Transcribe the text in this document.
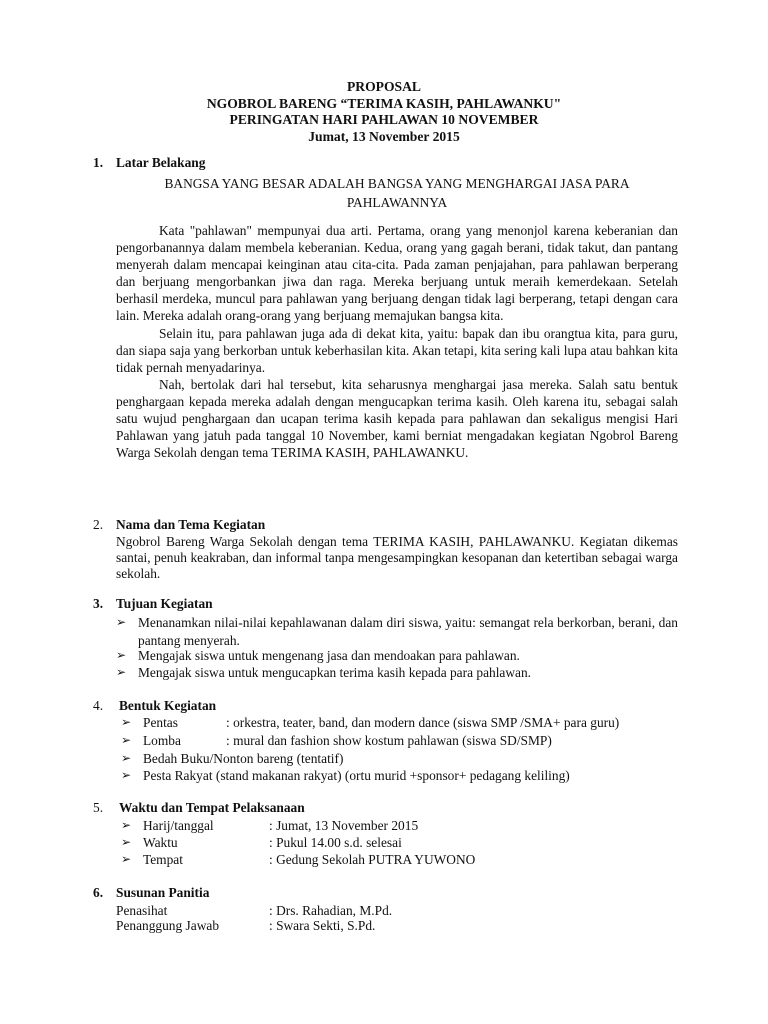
PROPOSAL
NGOBROL BARENG “TERIMA KASIH, PAHLAWANKU"
PERINGATAN HARI PAHLAWAN 10 NOVEMBER
Jumat, 13 November 2015
1. Latar Belakang
BANGSA YANG BESAR ADALAH BANGSA YANG MENGHARGAI JASA PARA
PAHLAWANNYA

Kata "pahlawan" mempunyai dua arti. Pertama, orang yang menonjol karena keberanian dan pengorbanannya dalam membela keberanian. Kedua, orang yang gagah berani, tidak takut, dan pantang menyerah dalam mencapai keinginan atau cita-cita. Pada zaman penjajahan, para pahlawan berperang dan berjuang mengorbankan jiwa dan raga. Mereka berjuang untuk meraih kemerdekaan. Setelah berhasil merdeka, muncul para pahlawan yang berjuang dengan tidak lagi berperang, tetapi dengan cara lain. Mereka adalah orang-orang yang berjuang memajukan bangsa kita.

Selain itu, para pahlawan juga ada di dekat kita, yaitu: bapak dan ibu orangtua kita, para guru, dan siapa saja yang berkorban untuk keberhasilan kita. Akan tetapi, kita sering kali lupa atau bahkan kita tidak pernah menyadarinya.

Nah, bertolak dari hal tersebut, kita seharusnya menghargai jasa mereka. Salah satu bentuk penghargaan kepada mereka adalah dengan mengucapkan terima kasih. Oleh karena itu, sebagai salah satu wujud penghargaan dan ucapan terima kasih kepada para pahlawan dan sekaligus mengisi Hari Pahlawan yang jatuh pada tanggal 10 November, kami berniat mengadakan kegiatan Ngobrol Bareng Warga Sekolah dengan tema TERIMA KASIH, PAHLAWANKU.

2. Nama dan Tema Kegiatan
Ngobrol Bareng Warga Sekolah dengan tema TERIMA KASIH, PAHLAWANKU. Kegiatan dikemas santai, penuh keakraban, dan informal tanpa mengesampingkan kesopanan dan ketertiban sebagai warga sekolah.
3. Tujuan Kegiatan
➢ Menanamkan nilai-nilai kepahlawanan dalam diri siswa, yaitu: semangat rela berkorban, berani, dan pantang menyerah.
➢ Mengajak siswa untuk mengenang jasa dan mendoakan para pahlawan.
➢ Mengajak siswa untuk mengucapkan terima kasih kepada para pahlawan.
4. Bentuk Kegiatan
➢ Pentas	: orkestra, teater, band, dan modern dance (siswa SMP /SMA+ para guru)
➢ Lomba	: mural dan fashion show kostum pahlawan (siswa SD/SMP)
➢ Bedah Buku/Nonton bareng (tentatif)
➢ Pesta Rakyat (stand makanan rakyat) (ortu murid +sponsor+ pedagang keliling)
5. Waktu dan Tempat Pelaksanaan
➢ Harij/tanggal	: Jumat, 13 November 2015
➢ Waktu	: Pukul 14.00 s.d. selesai
➢ Tempat	: Gedung Sekolah PUTRA YUWONO
6. Susunan Panitia
Penasihat	: Drs. Rahadian, M.Pd.
Penanggung Jawab	: Swara Sekti, S.Pd.
